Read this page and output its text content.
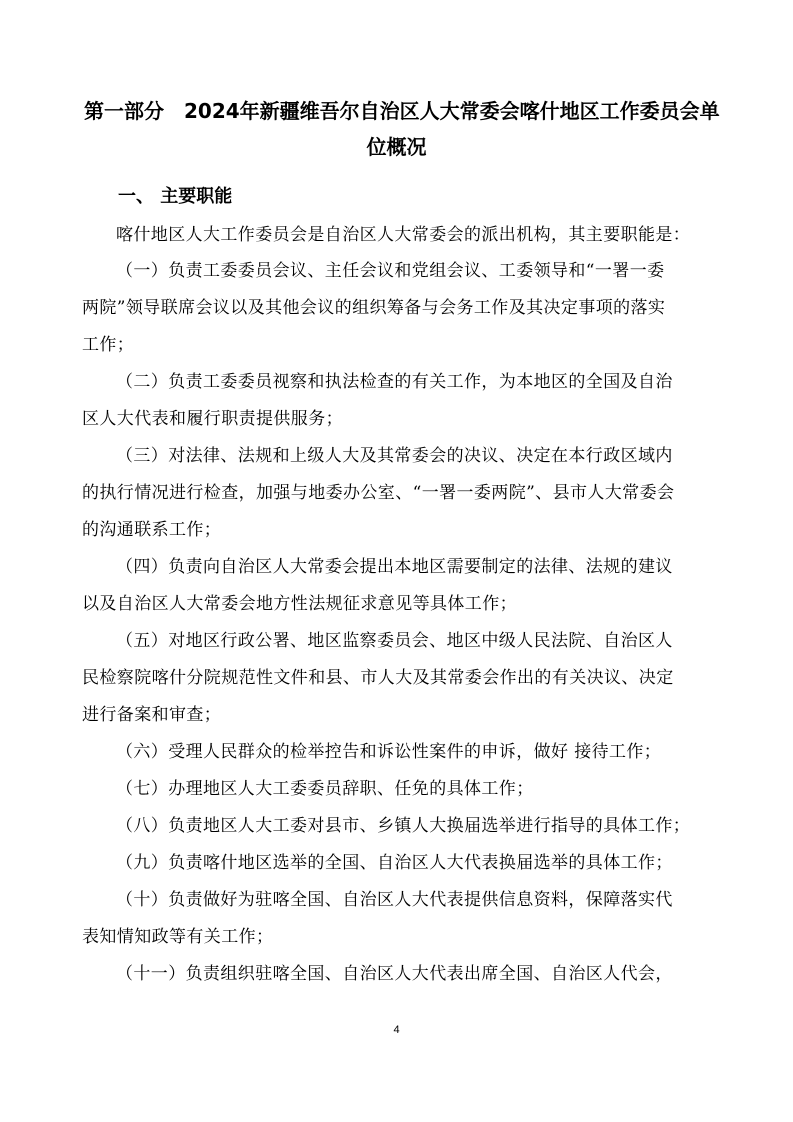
第一部分　2024年新疆维吾尔自治区人大常委会喀什地区工作委员会单
位概况
一、 主要职能
喀什地区人大工作委员会是自治区人大常委会的派出机构，其主要职能是：
（一）负责工委委员会议、主任会议和党组会议、工委领导和“一署一委
两院”领导联席会议以及其他会议的组织筹备与会务工作及其决定事项的落实
工作；
（二）负责工委委员视察和执法检查的有关工作，为本地区的全国及自治
区人大代表和履行职责提供服务；
（三）对法律、法规和上级人大及其常委会的决议、决定在本行政区域内
的执行情况进行检查，加强与地委办公室、“一署一委两院”、县市人大常委会
的沟通联系工作；
（四）负责向自治区人大常委会提出本地区需要制定的法律、法规的建议
以及自治区人大常委会地方性法规征求意见等具体工作；
（五）对地区行政公署、地区监察委员会、地区中级人民法院、自治区人
民检察院喀什分院规范性文件和县、市人大及其常委会作出的有关决议、决定
进行备案和审查；
（六）受理人民群众的检举控告和诉讼性案件的申诉，做好 接待工作；
（七）办理地区人大工委委员辞职、任免的具体工作；
（八）负责地区人大工委对县市、乡镇人大换届选举进行指导的具体工作；
（九）负责喀什地区选举的全国、自治区人大代表换届选举的具体工作；
（十）负责做好为驻喀全国、自治区人大代表提供信息资料，保障落实代
表知情知政等有关工作；
（十一）负责组织驻喀全国、自治区人大代表出席全国、自治区人代会，
4
